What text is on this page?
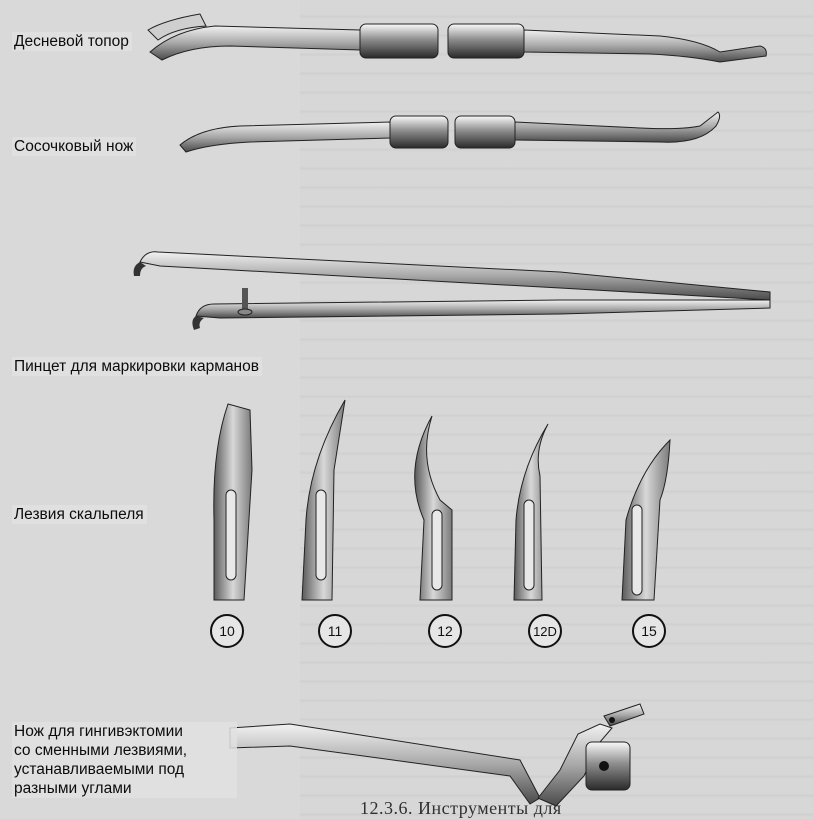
Десневой топор
Сосочковый нож
Пинцет для маркировки карманов
Лезвия скальпеля
Нож для гингивэктомии
со сменными лезвиями,
устанавливаемыми под
разными углами
10	11	12	12D	15
12.3.6. Инструменты для
